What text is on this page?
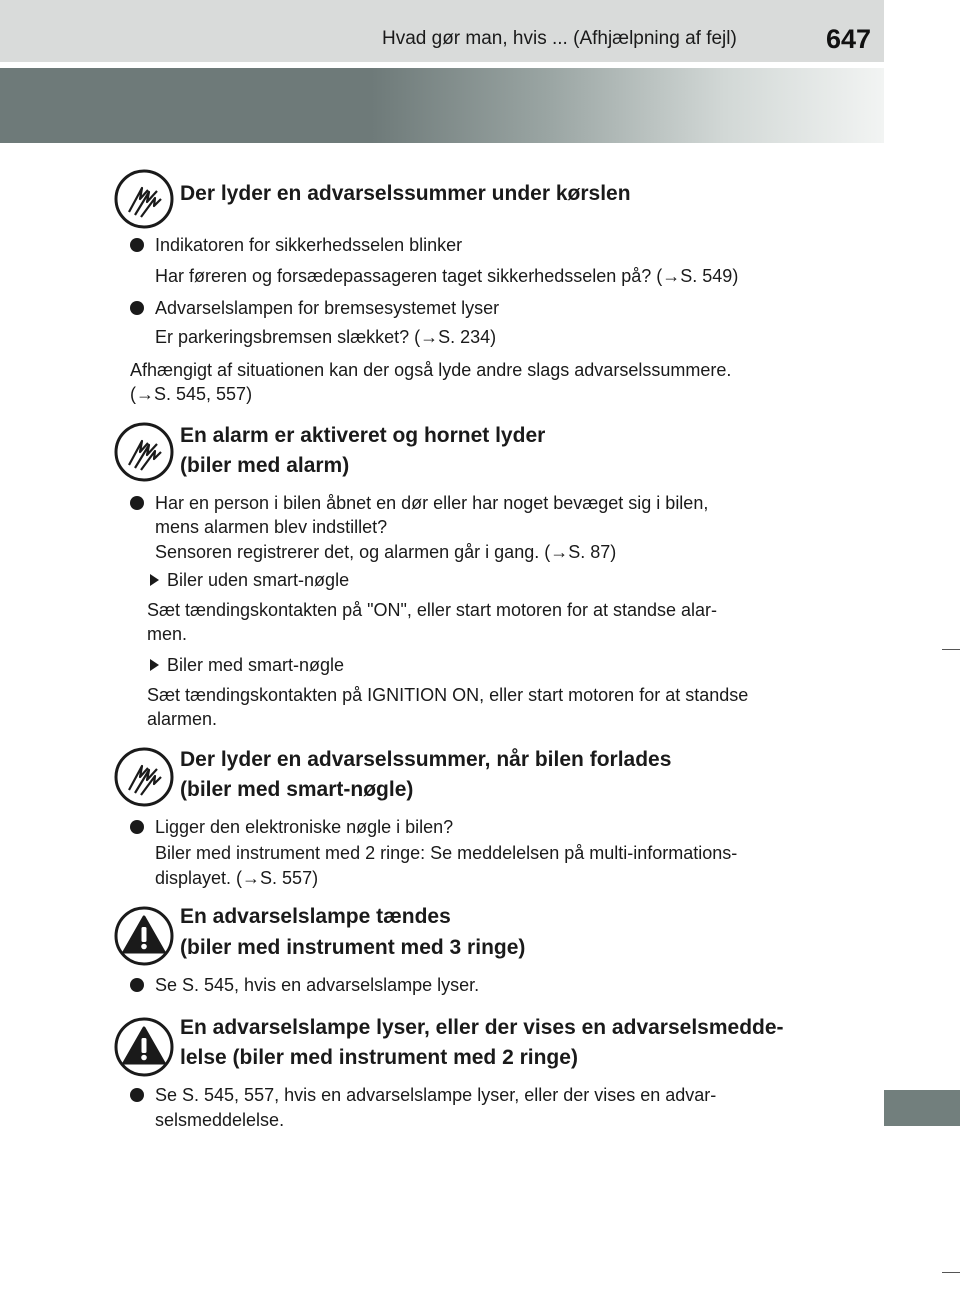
Hvad gør man, hvis ... (Afhjælpning af fejl)	647
Der lyder en advarselssummer under kørslen
Indikatoren for sikkerhedsselen blinker
Har føreren og forsædepassageren taget sikkerhedsselen på? (→S. 549)
Advarselslampen for bremsesystemet lyser
Er parkeringsbremsen slækket? (→S. 234)
Afhængigt af situationen kan der også lyde andre slags advarselssummere.
(→S. 545, 557)
En alarm er aktiveret og hornet lyder
(biler med alarm)
Har en person i bilen åbnet en dør eller har noget bevæget sig i bilen,
mens alarmen blev indstillet?
Sensoren registrerer det, og alarmen går i gang. (→S. 87)
Biler uden smart-nøgle
Sæt tændingskontakten på "ON", eller start motoren for at standse alar-
men.
Biler med smart-nøgle
Sæt tændingskontakten på IGNITION ON, eller start motoren for at standse
alarmen.
Der lyder en advarselssummer, når bilen forlades
(biler med smart-nøgle)
Ligger den elektroniske nøgle i bilen?
Biler med instrument med 2 ringe: Se meddelelsen på multi-informations-
displayet. (→S. 557)
En advarselslampe tændes
(biler med instrument med 3 ringe)
Se S. 545, hvis en advarselslampe lyser.
En advarselslampe lyser, eller der vises en advarselsmedde-
lelse (biler med instrument med 2 ringe)
Se S. 545, 557, hvis en advarselslampe lyser, eller der vises en advar-
selsmeddelelse.
